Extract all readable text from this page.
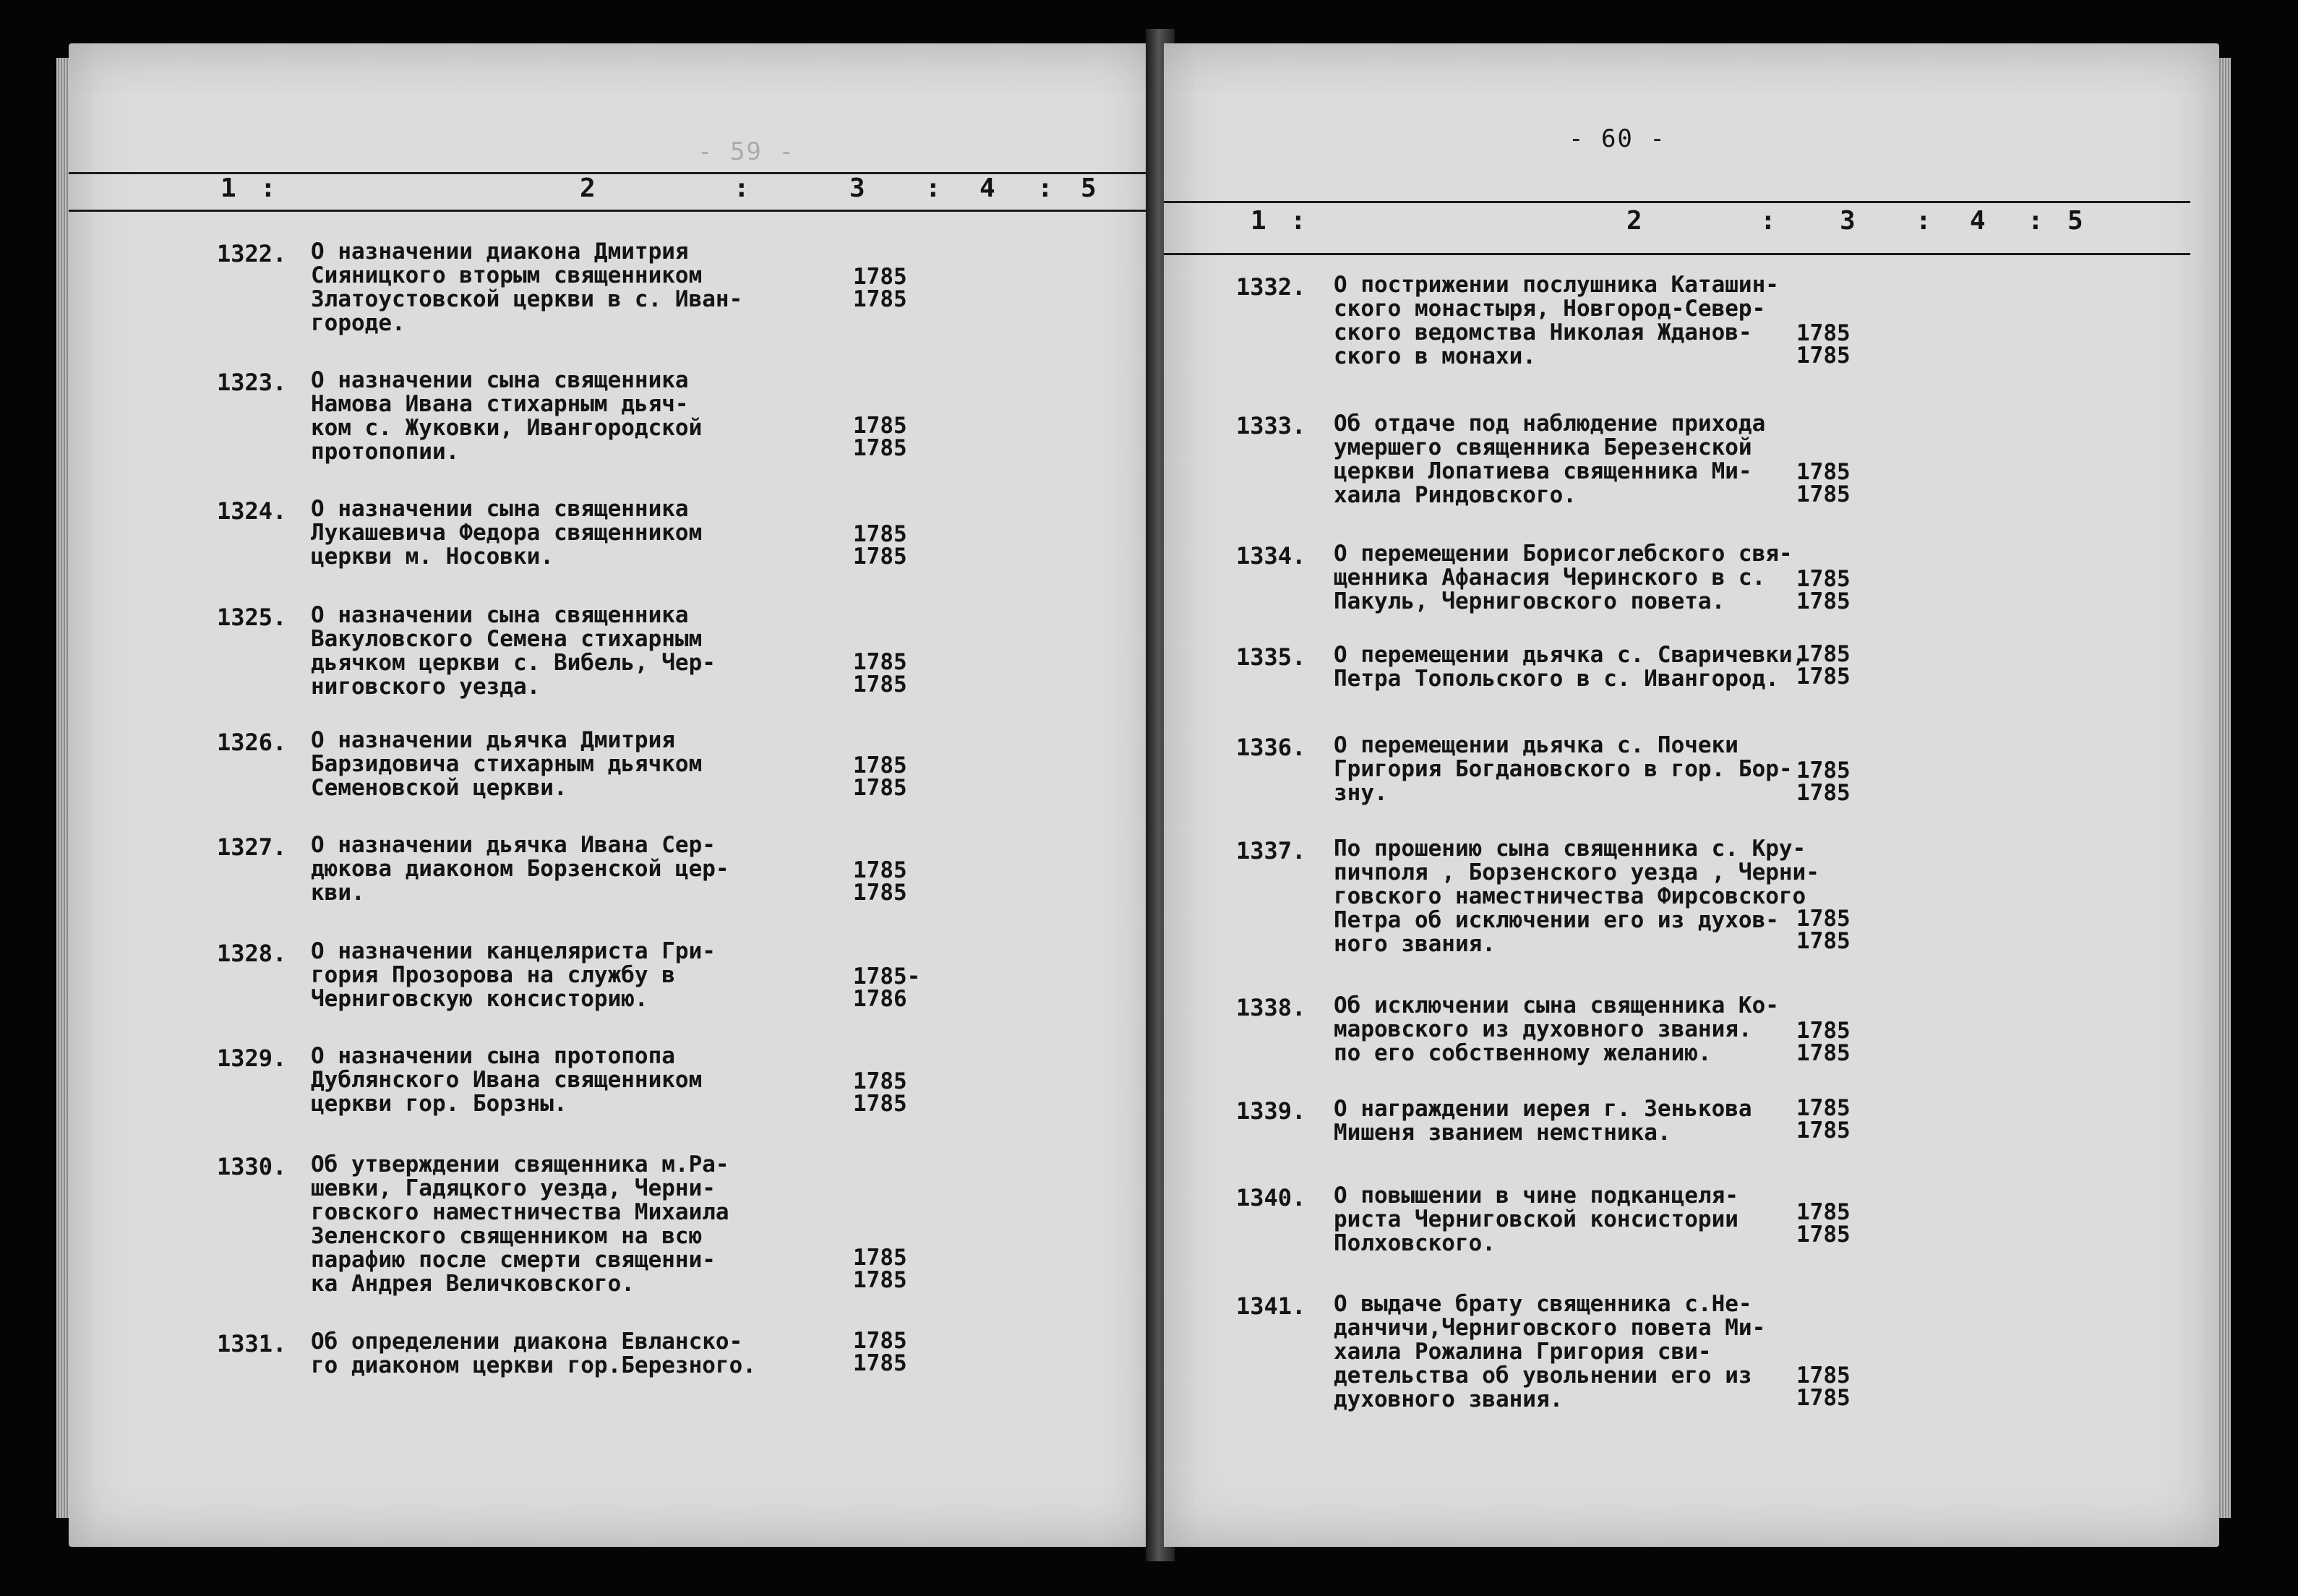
- 59 -
1 :	2	:	3 : 4 : 5
1322. О назначении диакона Дмитрия
Сияницкого вторым священником
Златоустовской церкви в с. Иван-
городе.
1785
1785
1323. О назначении сына священника
Намова Ивана стихарным дьяч-
ком с. Жуковки, Ивангородской
протопопии.
1785
1785
1324. О назначении сына священника
Лукашевича Федора священником
церкви м. Носовки.
1785
1785
1325. О назначении сына священника
Вакуловского Семена стихарным
дьячком церкви с. Вибель, Чер-
ниговского уезда.
1785
1785
1326. О назначении дьячка Дмитрия
Барзидовича стихарным дьячком
Семеновской церкви.
1785
1785
1327. О назначении дьячка Ивана Сер-
дюкова диаконом Борзенской цер-
кви.
1785
1785
1328. О назначении канцеляриста Гри-
гория Прозорова на службу в
Черниговскую консисторию.
1785-
1786
1329. О назначении сына протопопа
Дублянского Ивана священником
церкви гор. Борзны.
1785
1785
1330. Об утверждении священника м.Ра-
шевки, Гадяцкого уезда, Черни-
говского наместничества Михаила
Зеленского священником на всю
парафию после смерти священни-
ка Андрея Величковского.
1785
1785
1331. Об определении диакона Евланско-
го диаконом церкви гор.Березного.
1785
1785
- 60 -
1 :	2	: 3 : 4 : 5
1332. О пострижении послушника Каташин-
ского монастыря, Новгород-Север-
ского ведомства Николая Жданов-
ского в монахи.
1785
1785
1333. Об отдаче под наблюдение прихода
умершего священника Березенской
церкви Лопатиева священника Ми-
хаила Риндовского.
1785
1785
1334. О перемещении Борисоглебского свя-
щенника Афанасия Черинского в с.
Пакуль, Черниговского повета.
1785
1785
1335. О перемещении дьячка с. Сваричевки,
Петра Топольского в с. Ивангород.
1785
1785
1336. О перемещении дьячка с. Почеки
Григория Богдановского в гор. Бор-
зну.
1785
1785
1337. По прошению сына священника с. Кру-
пичполя , Борзенского уезда , Черни-
говского наместничества Фирсовского
Петра об исключении его из духов-
ного звания.
1785
1785
1338. Об исключении сына священника Ко-
маровского из духовного звания.
по его собственному желанию.
1785
1785
1339. О награждении иерея г. Зенькова
Мишеня званием немстника.
1785
1785
1340. О повышении в чине подканцеля-
риста Черниговской консистории
Полховского.
1785
1785
1341. О выдаче брату священника с.Не-
данчичи,Черниговского повета Ми-
хаила Рожалина Григория сви-
детельства об увольнении его из
духовного звания.
1785
1785
